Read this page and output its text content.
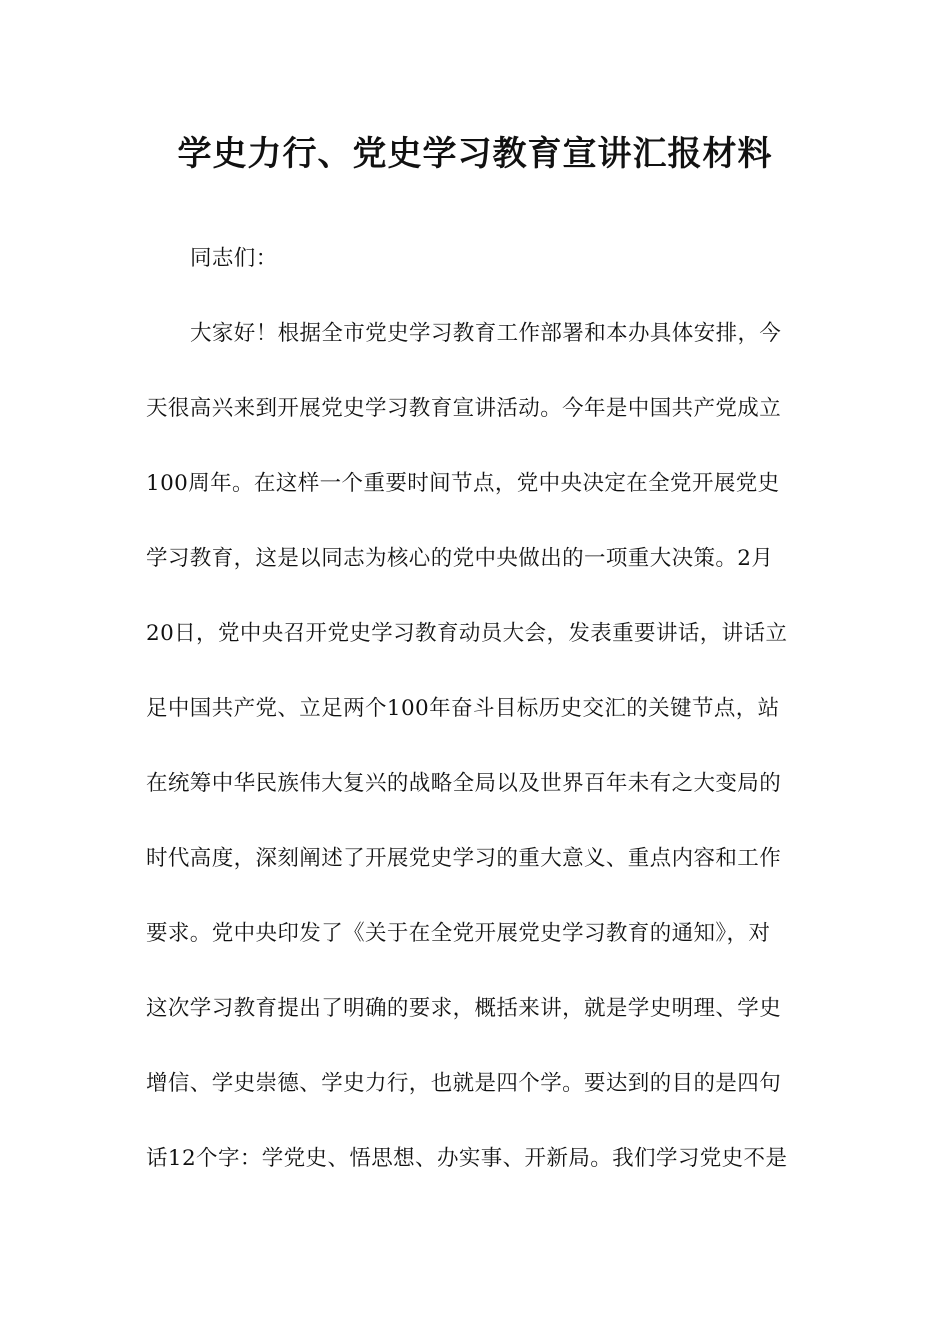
学史力行、党史学习教育宣讲汇报材料
同志们：
大家好！根据全市党史学习教育工作部署和本办具体安排，今
天很高兴来到开展党史学习教育宣讲活动。今年是中国共产党成立
100周年。在这样一个重要时间节点，党中央决定在全党开展党史
学习教育，这是以同志为核心的党中央做出的一项重大决策。2月
20日，党中央召开党史学习教育动员大会，发表重要讲话，讲话立
足中国共产党、立足两个100年奋斗目标历史交汇的关键节点，站
在统筹中华民族伟大复兴的战略全局以及世界百年未有之大变局的
时代高度，深刻阐述了开展党史学习的重大意义、重点内容和工作
要求。党中央印发了《关于在全党开展党史学习教育的通知》，对
这次学习教育提出了明确的要求，概括来讲，就是学史明理、学史
增信、学史崇德、学史力行，也就是四个学。要达到的目的是四句
话12个字：学党史、悟思想、办实事、开新局。我们学习党史不是
